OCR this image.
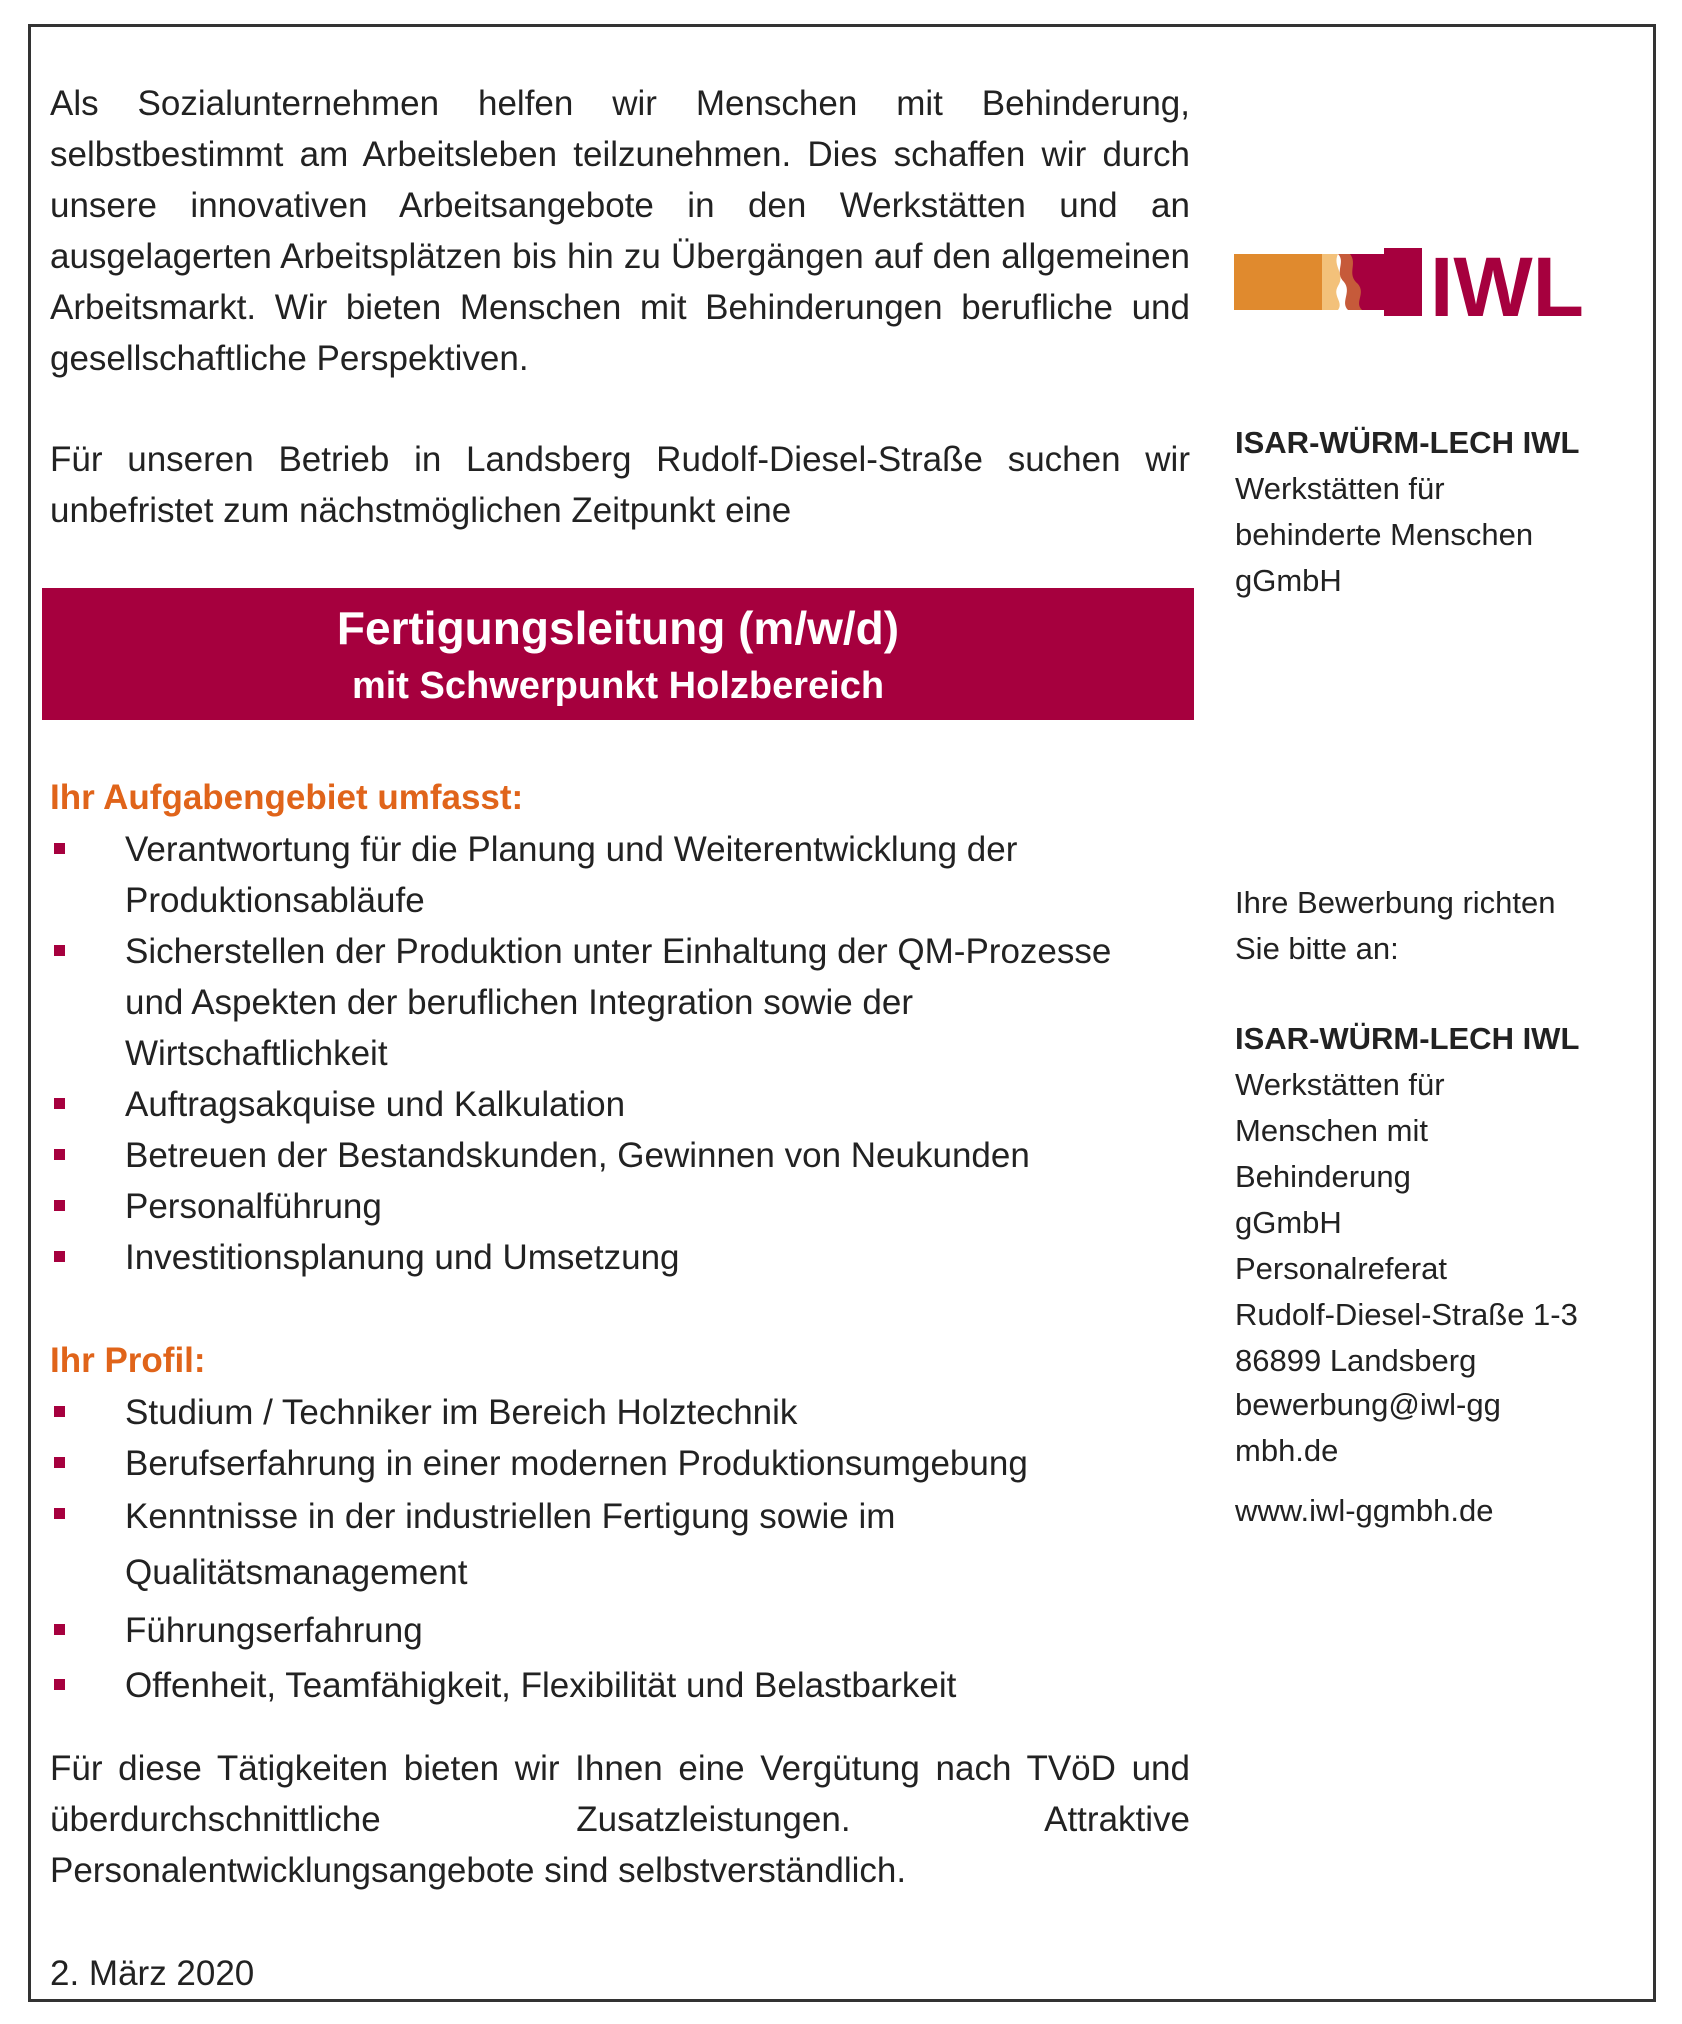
Als Sozialunternehmen helfen wir Menschen mit Behinderung, selbstbestimmt am Arbeitsleben teilzunehmen. Dies schaffen wir durch unsere innovativen Arbeitsangebote in den Werkstätten und an ausgelagerten Arbeitsplätzen bis hin zu Übergängen auf den allgemeinen Arbeitsmarkt. Wir bieten Menschen mit Behinderungen berufliche und gesellschaftliche Perspektiven.

Für unseren Betrieb in Landsberg Rudolf-Diesel-Straße suchen wir unbefristet zum nächstmöglichen Zeitpunkt eine

Fertigungsleitung (m/w/d)
mit Schwerpunkt Holzbereich

Ihr Aufgabengebiet umfasst:

Verantwortung für die Planung und Weiterentwicklung der Produktionsabläufe
Sicherstellen der Produktion unter Einhaltung der QM-Prozesse und Aspekten der beruflichen Integration sowie der Wirtschaftlichkeit
Auftragsakquise und Kalkulation
Betreuen der Bestandskunden, Gewinnen von Neukunden
Personalführung
Investitionsplanung und Umsetzung

Ihr Profil:

Studium / Techniker im Bereich Holztechnik
Berufserfahrung in einer modernen Produktionsumgebung
Kenntnisse in der industriellen Fertigung sowie im Qualitätsmanagement
Führungserfahrung
Offenheit, Teamfähigkeit, Flexibilität und Belastbarkeit

Für diese Tätigkeiten bieten wir Ihnen eine Vergütung nach TVöD und überdurchschnittliche Zusatzleistungen. Attraktive Personalentwicklungsangebote sind selbstverständlich.

2. März 2020
IWL
ISAR-WÜRM-LECH IWL
Werkstätten für behinderte Menschen gGmbH
Ihre Bewerbung richten Sie bitte an:
ISAR-WÜRM-LECH IWL
Werkstätten für Menschen mit Behinderung
gGmbH
Personalreferat
Rudolf-Diesel-Straße 1-3
86899 Landsberg
bewerbung@iwl-ggmbh.de
www.iwl-ggmbh.de
